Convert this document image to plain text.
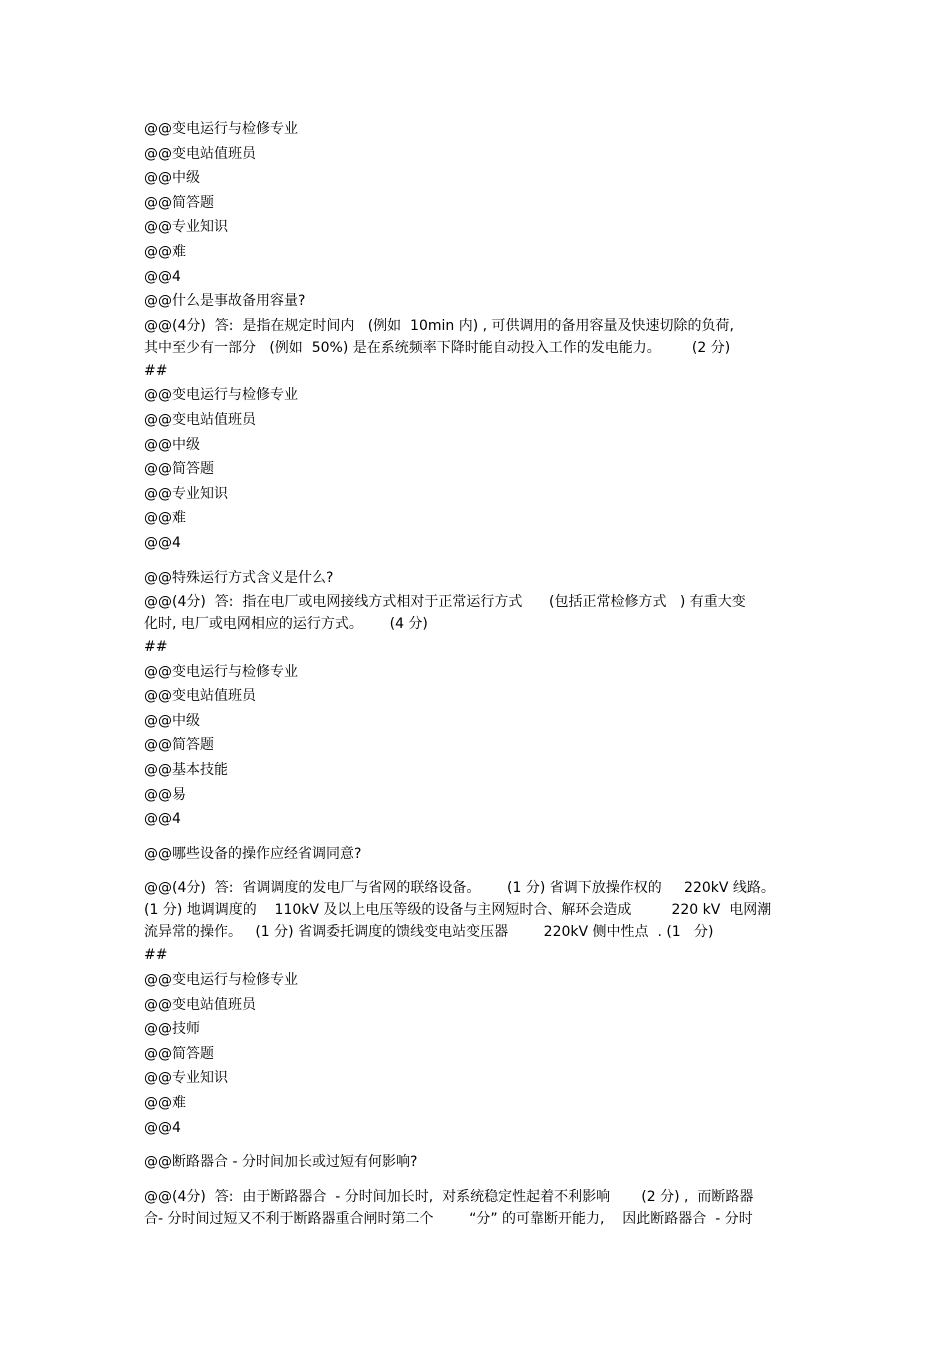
@@变电运行与检修专业
@@变电站值班员
@@中级
@@简答题
@@专业知识
@@难
@@4
@@什么是事故备用容量?
@@(4分)  答:  是指在规定时间内   (例如  10min 内) , 可供调用的备用容量及快速切除的负荷,
其中至少有一部分   (例如  50%) 是在系统频率下降时能自动投入工作的发电能力。       (2 分)
##
@@变电运行与检修专业
@@变电站值班员
@@中级
@@简答题
@@专业知识
@@难
@@4
@@特殊运行方式含义是什么?
@@(4分)  答:  指在电厂或电网接线方式相对于正常运行方式      (包括正常检修方式   ) 有重大变
化时, 电厂或电网相应的运行方式。      (4 分)
##
@@变电运行与检修专业
@@变电站值班员
@@中级
@@简答题
@@基本技能
@@易
@@4
@@哪些设备的操作应经省调同意?
@@(4分)  答:  省调调度的发电厂与省网的联络设备。      (1 分) 省调下放操作权的     220kV 线路。
(1 分) 地调调度的    110kV 及以上电压等级的设备与主网短时合、解环会造成         220 kV  电网潮
流异常的操作。   (1 分) 省调委托调度的馈线变电站变压器        220kV 侧中性点  . (1   分)
##
@@变电运行与检修专业
@@变电站值班员
@@技师
@@简答题
@@专业知识
@@难
@@4
@@断路器合 - 分时间加长或过短有何影响?
@@(4分)  答:  由于断路器合  - 分时间加长时,  对系统稳定性起着不利影响       (2 分) ,  而断路器
合- 分时间过短又不利于断路器重合闸时第二个        “分” 的可靠断开能力,    因此断路器合  - 分时
